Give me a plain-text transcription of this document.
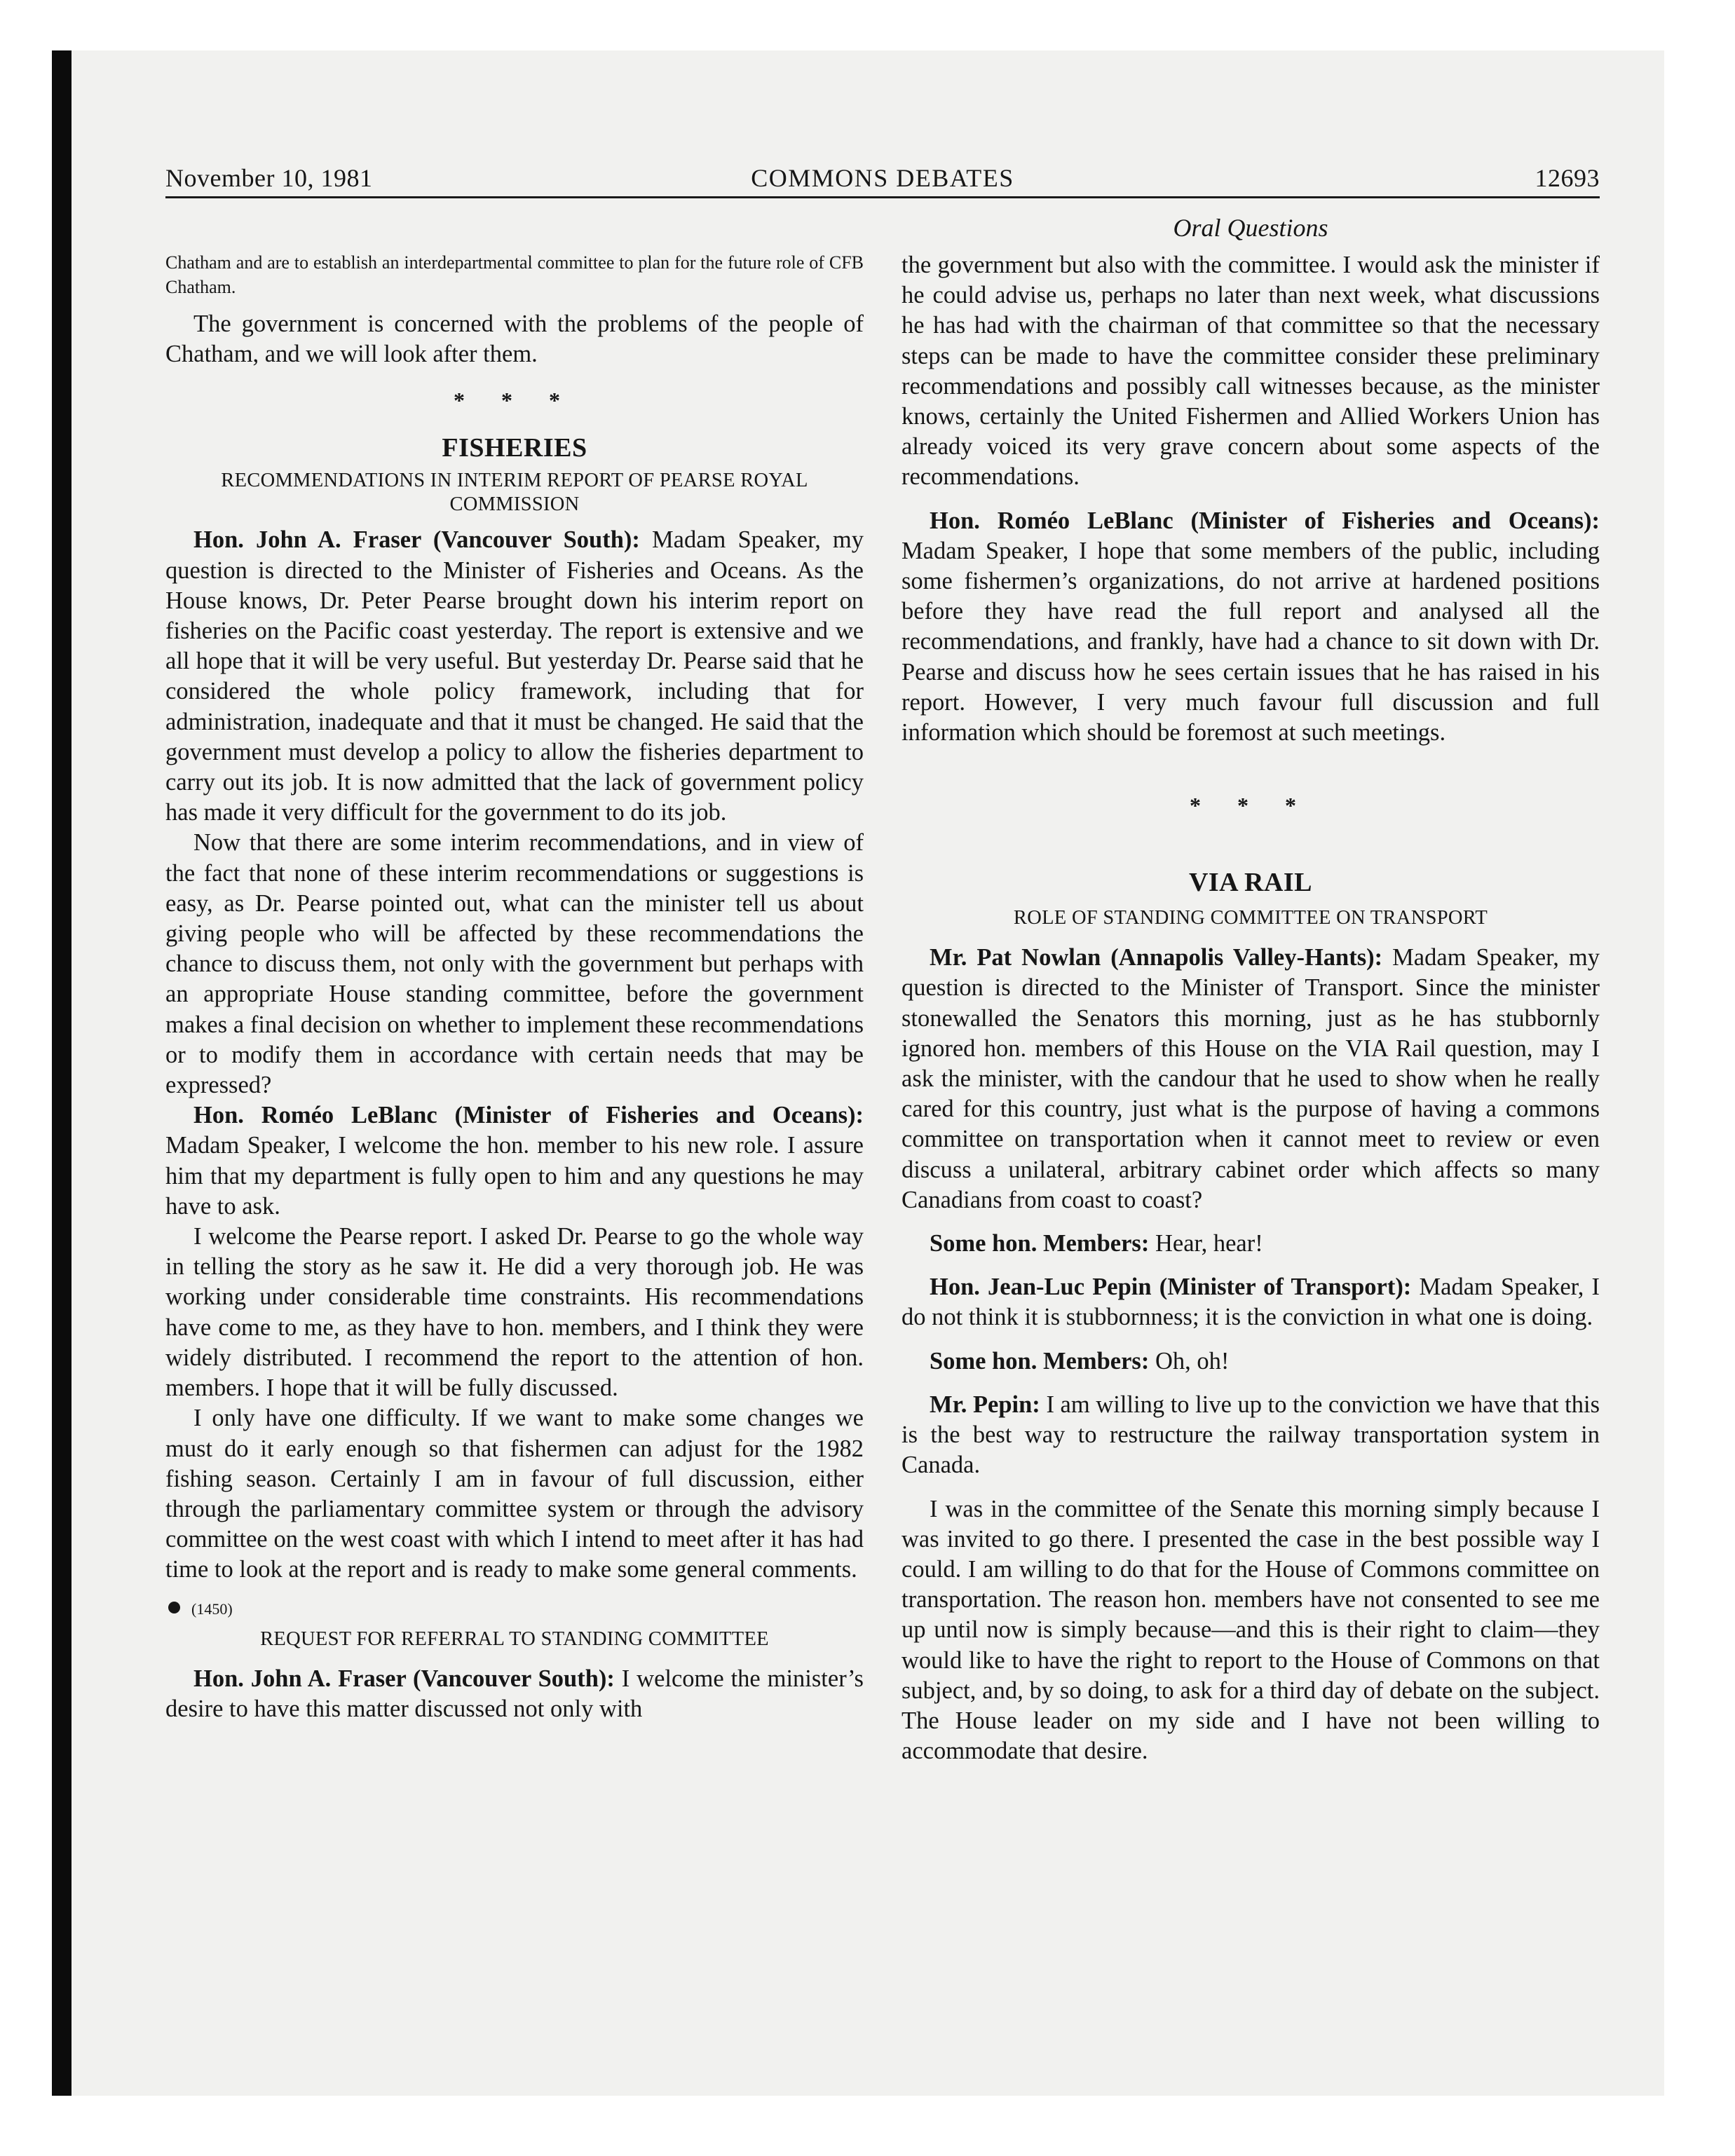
COMMONS DEBATES
November 10, 1981	12693
Oral Questions

Chatham and are to establish an interdepartmental committee to plan for the future role of CFB Chatham.

The government is concerned with the problems of the people of Chatham, and we will look after them.

* * *
FISHERIES
RECOMMENDATIONS IN INTERIM REPORT OF PEARSE ROYAL COMMISSION

Hon. John A. Fraser (Vancouver South): Madam Speaker, my question is directed to the Minister of Fisheries and Oceans. As the House knows, Dr. Peter Pearse brought down his interim report on fisheries on the Pacific coast yesterday. The report is extensive and we all hope that it will be very useful. But yesterday Dr. Pearse said that he considered the whole policy framework, including that for administration, inadequate and that it must be changed. He said that the government must develop a policy to allow the fisheries department to carry out its job. It is now admitted that the lack of government policy has made it very difficult for the government to do its job.

Now that there are some interim recommendations, and in view of the fact that none of these interim recommendations or suggestions is easy, as Dr. Pearse pointed out, what can the minister tell us about giving people who will be affected by these recommendations the chance to discuss them, not only with the government but perhaps with an appropriate House standing committee, before the government makes a final decision on whether to implement these recommendations or to modify them in accordance with certain needs that may be expressed?

Hon. Roméo LeBlanc (Minister of Fisheries and Oceans): Madam Speaker, I welcome the hon. member to his new role. I assure him that my department is fully open to him and any questions he may have to ask.

I welcome the Pearse report. I asked Dr. Pearse to go the whole way in telling the story as he saw it. He did a very thorough job. He was working under considerable time constraints. His recommendations have come to me, as they have to hon. members, and I think they were widely distributed. I recommend the report to the attention of hon. members. I hope that it will be fully discussed.

I only have one difficulty. If we want to make some changes we must do it early enough so that fishermen can adjust for the 1982 fishing season. Certainly I am in favour of full discussion, either through the parliamentary committee system or through the advisory committee on the west coast with which I intend to meet after it has had time to look at the report and is ready to make some general comments.

(1450)
REQUEST FOR REFERRAL TO STANDING COMMITTEE

Hon. John A. Fraser (Vancouver South): I welcome the minister’s desire to have this matter discussed not only with

the government but also with the committee. I would ask the minister if he could advise us, perhaps no later than next week, what discussions he has had with the chairman of that committee so that the necessary steps can be made to have the committee consider these preliminary recommendations and possibly call witnesses because, as the minister knows, certainly the United Fishermen and Allied Workers Union has already voiced its very grave concern about some aspects of the recommendations.

Hon. Roméo LeBlanc (Minister of Fisheries and Oceans): Madam Speaker, I hope that some members of the public, including some fishermen’s organizations, do not arrive at hardened positions before they have read the full report and analysed all the recommendations, and frankly, have had a chance to sit down with Dr. Pearse and discuss how he sees certain issues that he has raised in his report. However, I very much favour full discussion and full information which should be foremost at such meetings.

* * *
VIA RAIL
ROLE OF STANDING COMMITTEE ON TRANSPORT

Mr. Pat Nowlan (Annapolis Valley-Hants): Madam Speaker, my question is directed to the Minister of Transport. Since the minister stonewalled the Senators this morning, just as he has stubbornly ignored hon. members of this House on the VIA Rail question, may I ask the minister, with the candour that he used to show when he really cared for this country, just what is the purpose of having a commons committee on transportation when it cannot meet to review or even discuss a unilateral, arbitrary cabinet order which affects so many Canadians from coast to coast?

Some hon. Members: Hear, hear!

Hon. Jean-Luc Pepin (Minister of Transport): Madam Speaker, I do not think it is stubbornness; it is the conviction in what one is doing.

Some hon. Members: Oh, oh!

Mr. Pepin: I am willing to live up to the conviction we have that this is the best way to restructure the railway transportation system in Canada.

I was in the committee of the Senate this morning simply because I was invited to go there. I presented the case in the best possible way I could. I am willing to do that for the House of Commons committee on transportation. The reason hon. members have not consented to see me up until now is simply because—and this is their right to claim—they would like to have the right to report to the House of Commons on that subject, and, by so doing, to ask for a third day of debate on the subject. The House leader on my side and I have not been willing to accommodate that desire.
